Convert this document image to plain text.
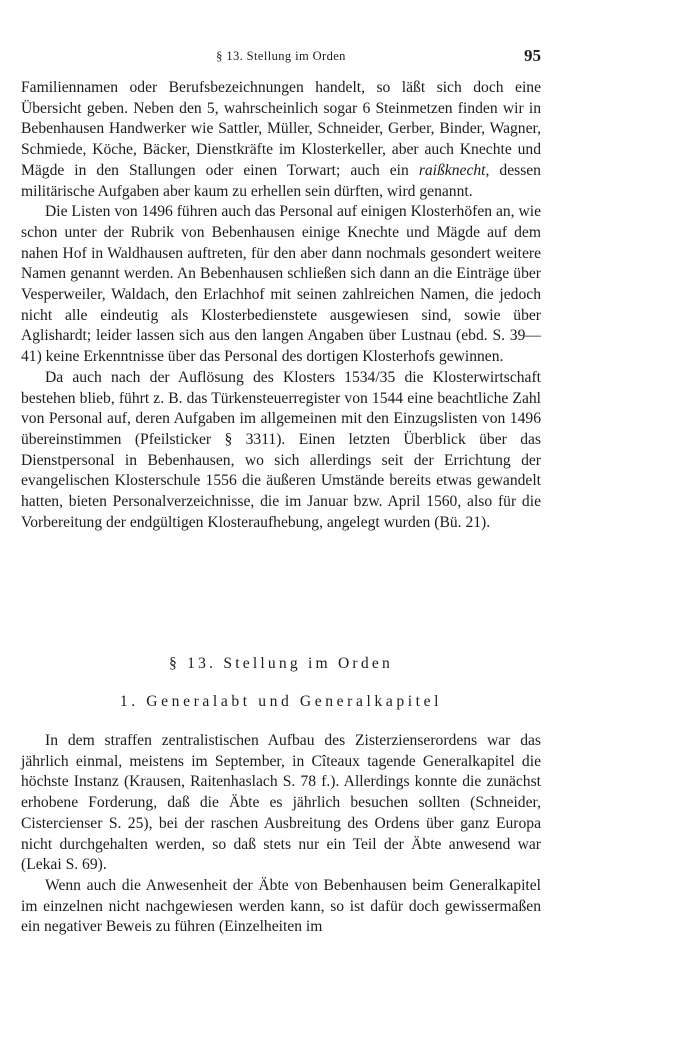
§ 13. Stellung im Orden	95

Familiennamen oder Berufsbezeichnungen handelt, so läßt sich doch eine Übersicht geben. Neben den 5, wahrscheinlich sogar 6 Steinmetzen finden wir in Bebenhausen Handwerker wie Sattler, Müller, Schneider, Gerber, Binder, Wagner, Schmiede, Köche, Bäcker, Dienstkräfte im Klosterkeller, aber auch Knechte und Mägde in den Stallungen oder einen Torwart; auch ein raißknecht, dessen militärische Aufgaben aber kaum zu erhellen sein dürften, wird genannt.

Die Listen von 1496 führen auch das Personal auf einigen Klosterhöfen an, wie schon unter der Rubrik von Bebenhausen einige Knechte und Mägde auf dem nahen Hof in Waldhausen auftreten, für den aber dann nochmals gesondert weitere Namen genannt werden. An Bebenhausen schließen sich dann an die Einträge über Vesperweiler, Waldach, den Erlachhof mit seinen zahlreichen Namen, die jedoch nicht alle eindeutig als Klosterbedienstete ausgewiesen sind, sowie über Aglishardt; leider lassen sich aus den langen Angaben über Lustnau (ebd. S. 39—41) keine Erkenntnisse über das Personal des dortigen Klosterhofs gewinnen.

Da auch nach der Auflösung des Klosters 1534/35 die Klosterwirtschaft bestehen blieb, führt z. B. das Türkensteuerregister von 1544 eine beachtliche Zahl von Personal auf, deren Aufgaben im allgemeinen mit den Einzugslisten von 1496 übereinstimmen (Pfeilsticker § 3311). Einen letzten Überblick über das Dienstpersonal in Bebenhausen, wo sich allerdings seit der Errichtung der evangelischen Klosterschule 1556 die äußeren Umstände bereits etwas gewandelt hatten, bieten Personalverzeichnisse, die im Januar bzw. April 1560, also für die Vorbereitung der endgültigen Klosteraufhebung, angelegt wurden (Bü. 21).

§ 13. Stellung im Orden
1. Generalabt und Generalkapitel

In dem straffen zentralistischen Aufbau des Zisterzienserordens war das jährlich einmal, meistens im September, in Cîteaux tagende Generalkapitel die höchste Instanz (Krausen, Raitenhaslach S. 78 f.). Allerdings konnte die zunächst erhobene Forderung, daß die Äbte es jährlich besuchen sollten (Schneider, Cistercienser S. 25), bei der raschen Ausbreitung des Ordens über ganz Europa nicht durchgehalten werden, so daß stets nur ein Teil der Äbte anwesend war (Lekai S. 69).

Wenn auch die Anwesenheit der Äbte von Bebenhausen beim Generalkapitel im einzelnen nicht nachgewiesen werden kann, so ist dafür doch gewissermaßen ein negativer Beweis zu führen (Einzelheiten im
